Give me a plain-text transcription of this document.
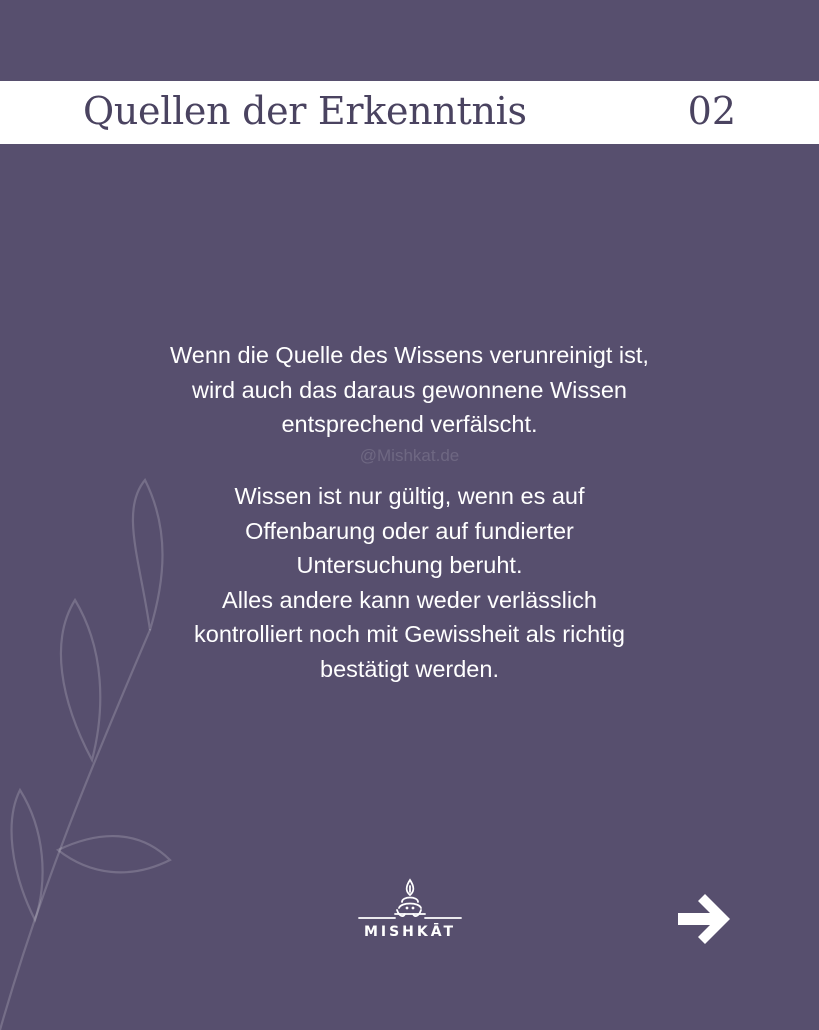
Quellen der Erkenntnis	02
Wenn die Quelle des Wissens verunreinigt ist,
wird auch das daraus gewonnene Wissen
entsprechend verfälscht.
@Mishkat.de
Wissen ist nur gültig, wenn es auf
Offenbarung oder auf fundierter
Untersuchung beruht.
Alles andere kann weder verlässlich
kontrolliert noch mit Gewissheit als richtig
bestätigt werden.
MISHKĀT
